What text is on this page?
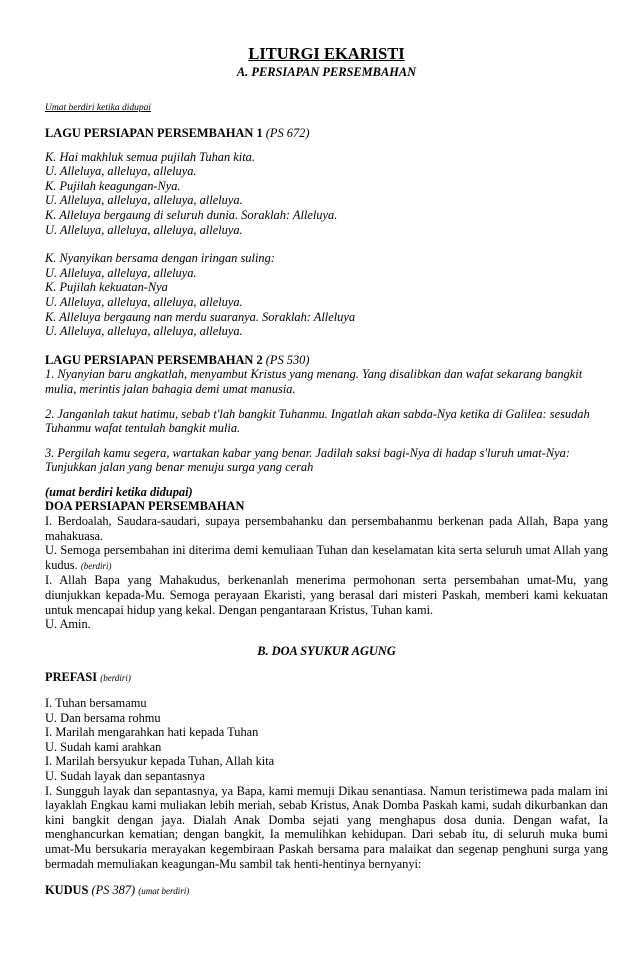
LITURGI EKARISTI
A. PERSIAPAN PERSEMBAHAN
Umat berdiri ketika didupai
LAGU PERSIAPAN PERSEMBAHAN 1 (PS 672)
K. Hai makhluk semua pujilah Tuhan kita.
U. Alleluya, alleluya, alleluya.
K. Pujilah keagungan-Nya.
U. Alleluya, alleluya, alleluya, alleluya.
K. Alleluya bergaung di seluruh dunia. Soraklah: Alleluya.
U. Alleluya, alleluya, alleluya, alleluya.
K. Nyanyikan bersama dengan iringan suling:
U. Alleluya, alleluya, alleluya.
K. Pujilah kekuatan-Nya
U. Alleluya, alleluya, alleluya, alleluya.
K. Alleluya bergaung nan merdu suaranya. Soraklah: Alleluya
U. Alleluya, alleluya, alleluya, alleluya.
LAGU PERSIAPAN PERSEMBAHAN 2 (PS 530)
1. Nyanyian baru angkatlah, menyambut Kristus yang menang. Yang disalibkan dan wafat sekarang bangkit mulia, merintis jalan bahagia demi umat manusia.
2. Janganlah takut hatimu, sebab t'lah bangkit Tuhanmu. Ingatlah akan sabda-Nya ketika di Galilea: sesudah Tuhanmu wafat tentulah bangkit mulia.
3. Pergilah kamu segera, wartakan kabar yang benar. Jadilah saksi bagi-Nya di hadap s'luruh umat-Nya: Tunjukkan jalan yang benar menuju surga yang cerah
(umat berdiri ketika didupai)
DOA PERSIAPAN PERSEMBAHAN
I. Berdoalah, Saudara-saudari, supaya persembahanku dan persembahanmu berkenan pada Allah, Bapa yang mahakuasa.
U. Semoga persembahan ini diterima demi kemuliaan Tuhan dan keselamatan kita serta seluruh umat Allah yang kudus. (berdiri)
I. Allah Bapa yang Mahakudus, berkenanlah menerima permohonan serta persembahan umat-Mu, yang diunjukkan kepada-Mu. Semoga perayaan Ekaristi, yang berasal dari misteri Paskah, memberi kami kekuatan untuk mencapai hidup yang kekal. Dengan pengantaraan Kristus, Tuhan kami.
U. Amin.
B. DOA SYUKUR AGUNG
PREFASI (berdiri)
I. Tuhan bersamamu
U. Dan bersama rohmu
I. Marilah mengarahkan hati kepada Tuhan
U. Sudah kami arahkan
I. Marilah bersyukur kepada Tuhan, Allah kita
U. Sudah layak dan sepantasnya
I. Sungguh layak dan sepantasnya, ya Bapa, kami memuji Dikau senantiasa. Namun teristimewa pada malam ini layaklah Engkau kami muliakan lebih meriah, sebab Kristus, Anak Domba Paskah kami, sudah dikurbankan dan kini bangkit dengan jaya. Dialah Anak Domba sejati yang menghapus dosa dunia. Dengan wafat, Ia menghancurkan kematian; dengan bangkit, Ia memulihkan kehidupan. Dari sebab itu, di seluruh muka bumi umat-Mu bersukaria merayakan kegembiraan Paskah bersama para malaikat dan segenap penghuni surga yang bermadah memuliakan keagungan-Mu sambil tak henti-hentinya bernyanyi:
KUDUS (PS 387) (umat berdiri)
